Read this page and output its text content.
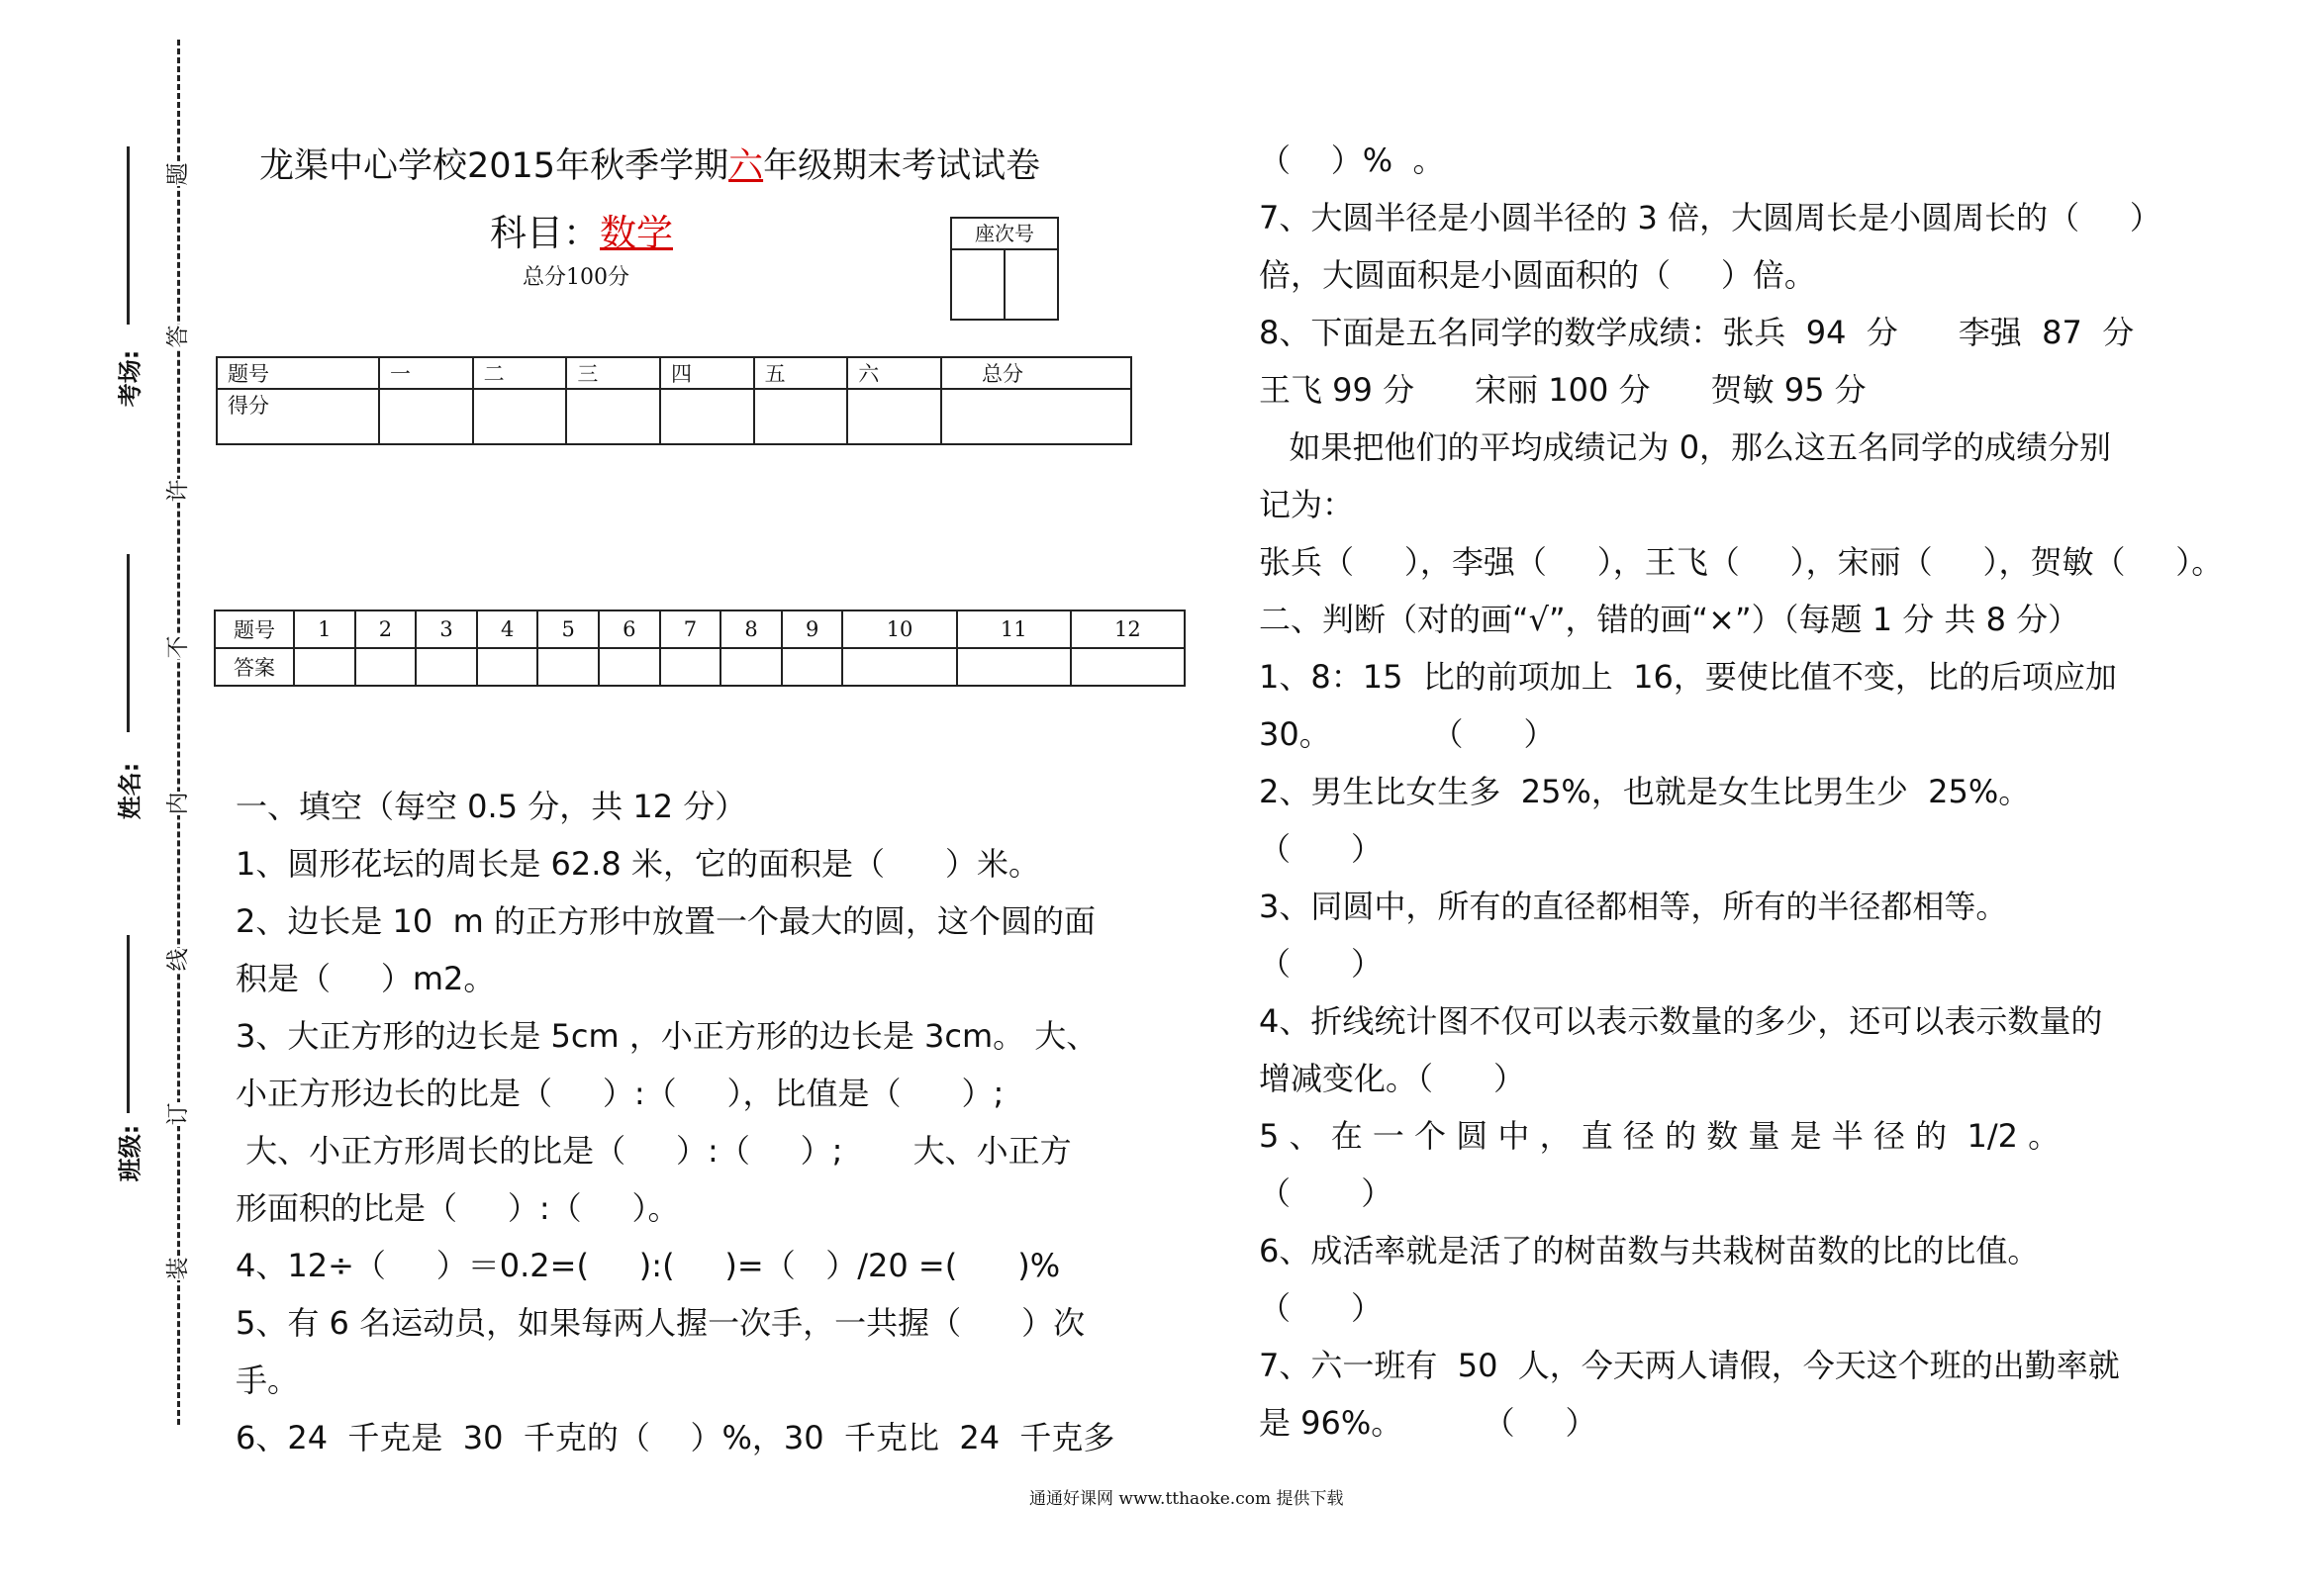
考场:
姓名:
班级:
题
答
许
不
内
线
订
装
龙渠中心学校2015年秋季学期六年级期末考试试卷
科目：数学
总分100分
座次号
题号	一	二	三	四	五	六	总分
得分							
题号	1	2	3	4	5	6	7	8	9	10	11	12
答案												
一、填空（每空 0.5 分，共 12 分）
1、圆形花坛的周长是 62.8 米，它的面积是（      ）米。
2、边长是 10  m 的正方形中放置一个最大的圆，这个圆的面
积是（     ）m2。
3、大正方形的边长是 5cm ，小正方形的边长是 3cm。 大、
小正方形边长的比是（     ）:（     ），比值是（      ）;
大、小正方形周长的比是（     ）:（     ）;       大、小正方
形面积的比是（     ）:（     ）。
4、12÷（     ）＝0.2=(     ):(     )=（   ）/20 =(      )%
5、有 6 名运动员，如果每两人握一次手，一共握（      ）次
手。
6、24  千克是  30  千克的（    ）%，30  千克比  24  千克多
（    ）%  。
7、大圆半径是小圆半径的 3 倍，大圆周长是小圆周长的（     ）
倍，大圆面积是小圆面积的（     ）倍。
8、下面是五名同学的数学成绩：张兵  94  分      李强  87  分
王飞 99 分      宋丽 100 分      贺敏 95 分
如果把他们的平均成绩记为 0，那么这五名同学的成绩分别
记为：
张兵（     ），李强（     ），王飞（     ），宋丽（     ），贺敏（     ）。
二、判断（对的画“√”，错的画“×”）（每题 1 分 共 8 分）
1、8：15  比的前项加上  16，要使比值不变，比的后项应加
30。          （      ）
2、男生比女生多  25%，也就是女生比男生少  25%。
（      ）
3、同圆中，所有的直径都相等，所有的半径都相等。
（      ）
4、折线统计图不仅可以表示数量的多少，还可以表示数量的
增减变化。（      ）
5 、 在 一 个 圆 中 ， 直 径 的 数 量 是 半 径 的  1/2 。
（       ）
6、成活率就是活了的树苗数与共栽树苗数的比的比值。
（      ）
7、六一班有  50  人，今天两人请假，今天这个班的出勤率就
是 96%。        （     ）
通通好课网 www.tthaoke.com 提供下载
